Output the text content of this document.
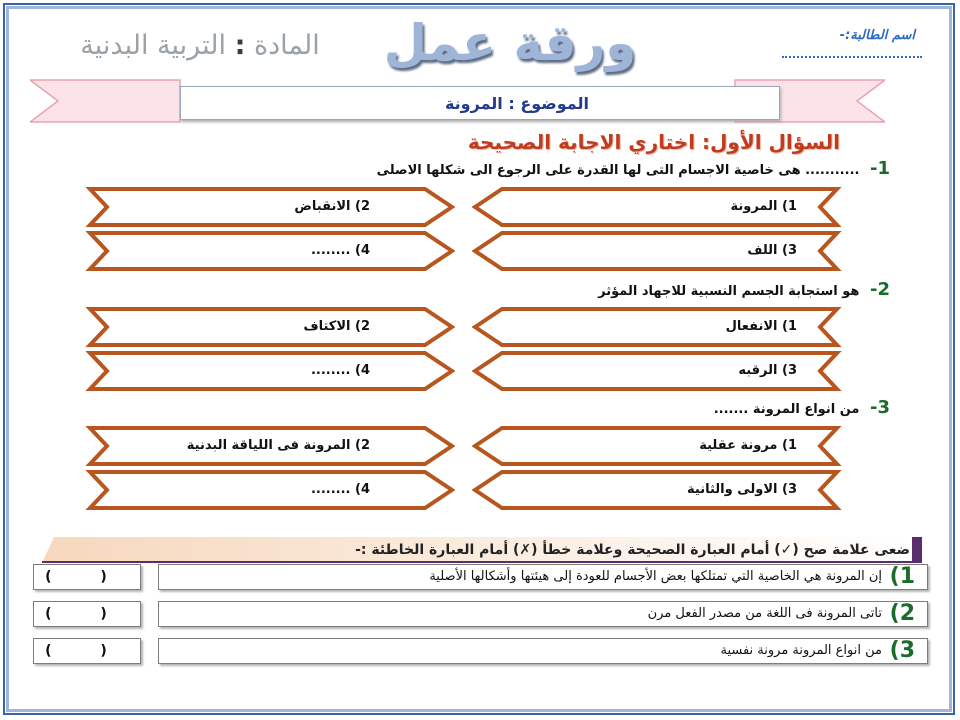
اسم الطالبة:-
ورقة عمل
المادة : التربية البدنية
الموضوع : المرونة
السؤال الأول: اختاري الاجابة الصحيحة
1- ........... هى خاصية الاجسام التى لها القدرة على الرجوع الى شكلها الاصلى
1) المرونة
2) الانقباض
3) اللف
4) ........
2- هو استجابة الجسم النسبية للاجهاد المؤثر
1) الانفعال
2) الاكتاف
3) الرقبه
4) ........
3- من انواع المرونة .......
1) مرونة عقلية
2) المرونة فى اللياقة البدنية
3) الاولى والثانية
4) ........
ضعى علامة صح (✓) أمام العبارة الصحيحة وعلامة خطأ (✗) أمام العبارة الخاطئة :-
1)
إن المرونة هي الخاصية التي تمتلكها بعض الأجسام للعودة إلى هيئتها وأشكالها الأصلية
( )
2)
تاتى المرونة فى اللغة من مصدر الفعل مرن
( )
3)
من انواع المرونة مرونة نفسية
( )
